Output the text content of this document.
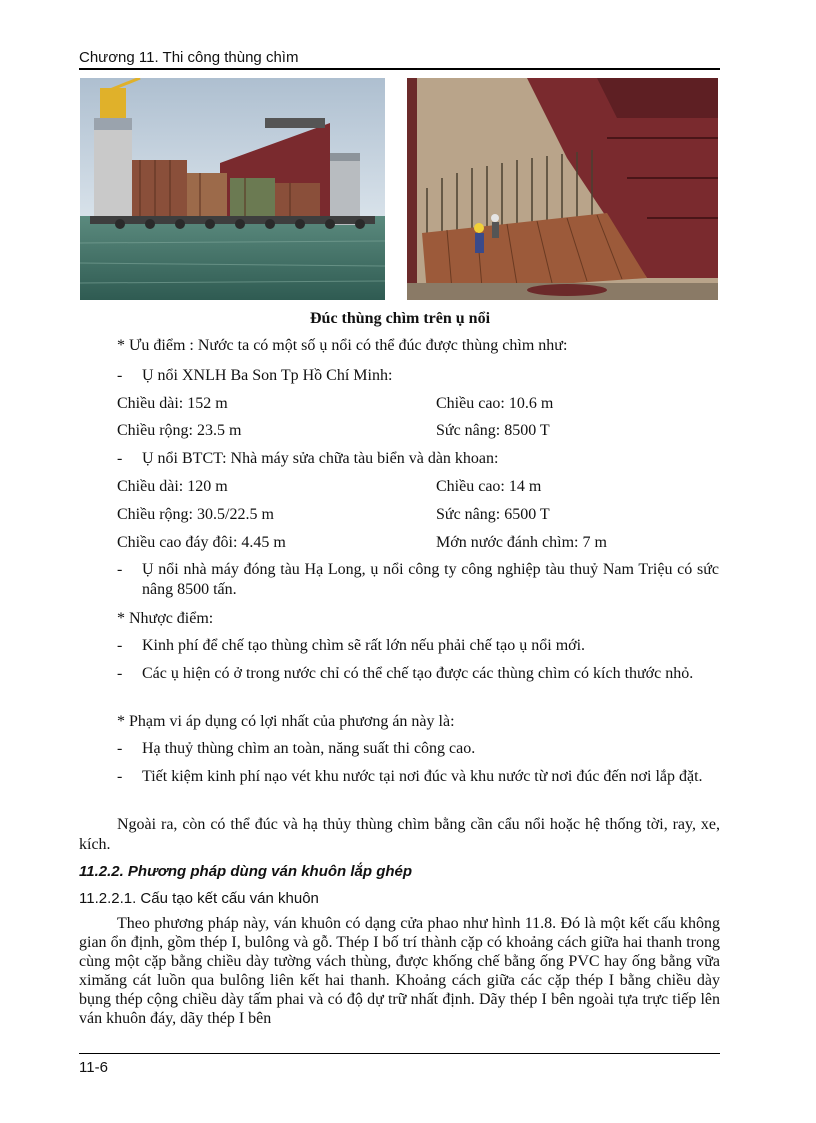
Chương 11. Thi công thùng chìm
Đúc thùng chìm trên ụ nổi
* Ưu điểm : Nước ta có một số ụ nổi có thể đúc được thùng chìm như:
- Ụ nổi XNLH Ba Son Tp Hồ Chí Minh:
Chiều dài: 152 m	Chiều cao: 10.6 m
Chiều rộng: 23.5 m	Sức nâng: 8500 T
- Ụ nổi BTCT: Nhà máy sửa chữa tàu biển và dàn khoan:
Chiều dài: 120 m	Chiều cao: 14 m
Chiều rộng: 30.5/22.5 m	Sức nâng: 6500 T
Chiều cao đáy đôi: 4.45 m	Mớn nước đánh chìm: 7 m
- Ụ nổi nhà máy đóng tàu Hạ Long, ụ nổi công ty công nghiệp tàu thuỷ Nam Triệu có sức nâng 8500 tấn.
* Nhược điểm:
- Kinh phí để chế tạo thùng chìm sẽ rất lớn nếu phải chế tạo ụ nổi mới.
- Các ụ hiện có ở trong nước chỉ có thể chế tạo được các thùng chìm có kích thước nhỏ.
* Phạm vi áp dụng có lợi nhất của phương án này là:
- Hạ thuỷ thùng chìm an toàn, năng suất thi công cao.
- Tiết kiệm kinh phí nạo vét khu nước tại nơi đúc và khu nước từ nơi đúc đến nơi lắp đặt.
Ngoài ra, còn có thể đúc và hạ thủy thùng chìm bằng cần cẩu nổi hoặc hệ thống tời, ray, xe, kích.
11.2.2. Phương pháp dùng ván khuôn lắp ghép
11.2.2.1. Cấu tạo kết cấu ván khuôn
Theo phương pháp này, ván khuôn có dạng cửa phao như hình 11.8. Đó là một kết cấu không gian ổn định, gồm thép I, bulông và gỗ. Thép I bố trí thành cặp có khoảng cách giữa hai thanh trong cùng một cặp bằng chiều dày tường vách thùng, được khống chế bằng ống PVC hay ống bằng vữa ximăng cát luồn qua bulông liên kết hai thanh. Khoảng cách giữa các cặp thép I bằng chiều dày bụng thép cộng chiều dày tấm phai và có độ dự trữ nhất định. Dãy thép I bên ngoài tựa trực tiếp lên ván khuôn đáy, dãy thép I bên
11-6
